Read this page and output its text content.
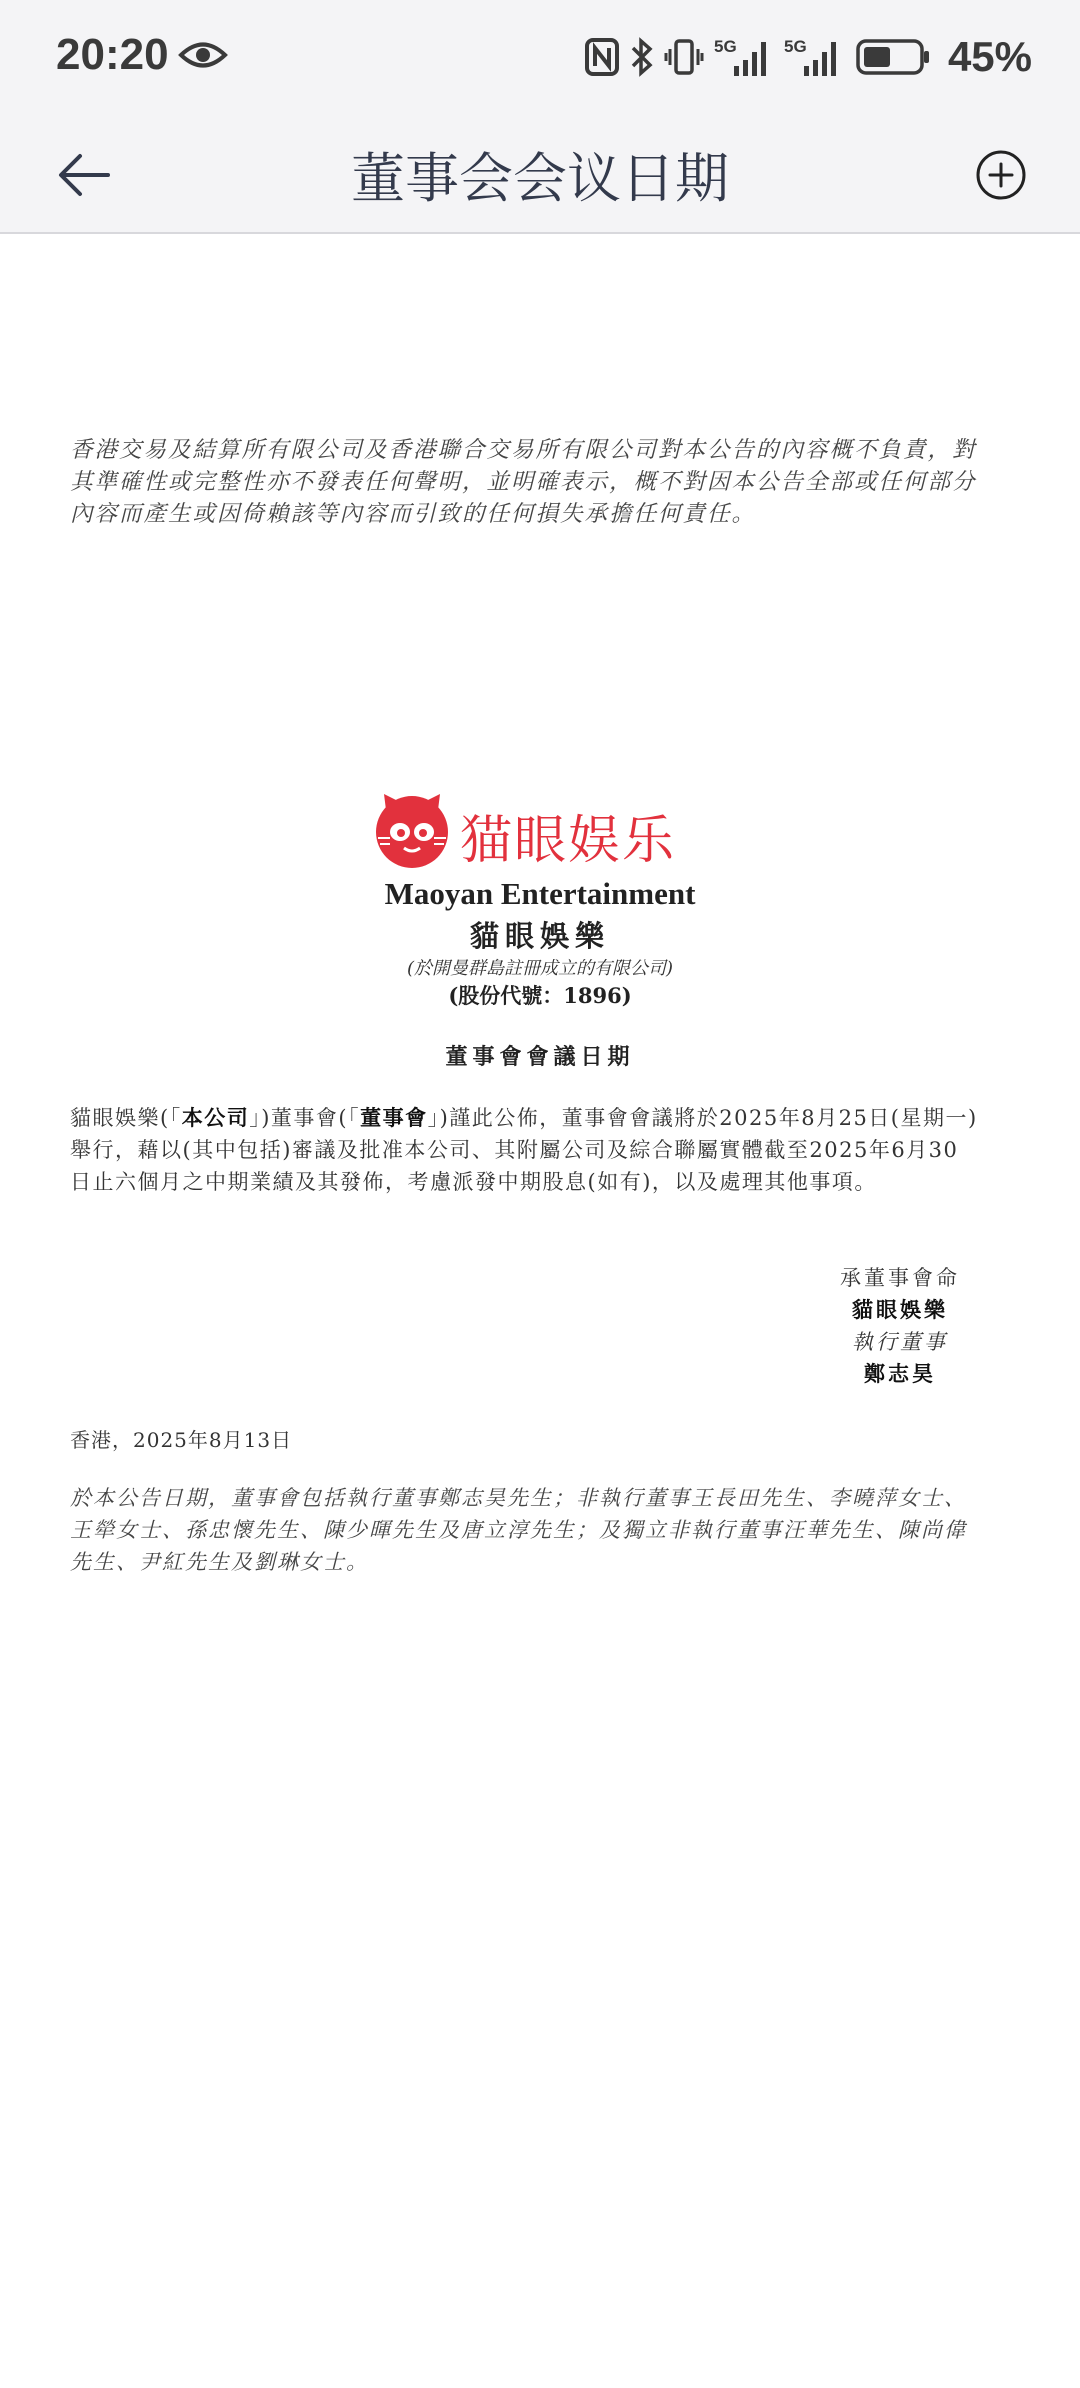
20:20	5G	5G	45%
董事会会议日期
香港交易及結算所有限公司及香港聯合交易所有限公司對本公告的內容概不負責，對其準確性或完整性亦不發表任何聲明，並明確表示，概不對因本公告全部或任何部分內容而產生或因倚賴該等內容而引致的任何損失承擔任何責任。
猫眼娱乐
Maoyan Entertainment
貓眼娛樂
(於開曼群島註冊成立的有限公司)
(股份代號：1896)
董事會會議日期
貓眼娛樂(「本公司」)董事會(「董事會」)謹此公佈，董事會會議將於2025年8月25日(星期一)舉行，藉以(其中包括)審議及批准本公司、其附屬公司及綜合聯屬實體截至2025年6月30日止六個月之中期業績及其發佈，考慮派發中期股息(如有)，以及處理其他事項。
承董事會命
貓眼娛樂
執行董事
鄭志昊
香港，2025年8月13日
於本公告日期，董事會包括執行董事鄭志昊先生；非執行董事王長田先生、李曉萍女士、王犖女士、孫忠懷先生、陳少暉先生及唐立淳先生；及獨立非執行董事汪華先生、陳尚偉先生、尹紅先生及劉琳女士。
